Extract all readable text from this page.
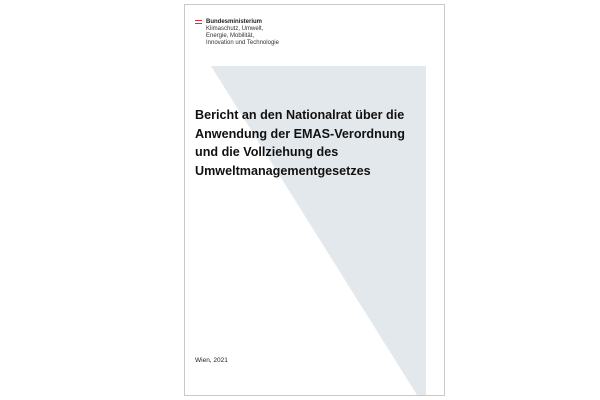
Bundesministerium
Klimaschutz, Umwelt,
Energie, Mobilität,
Innovation und Technologie
Bericht an den Nationalrat über die
Anwendung der EMAS-Verordnung
und die Vollziehung des
Umweltmanagementgesetzes
Wien, 2021
